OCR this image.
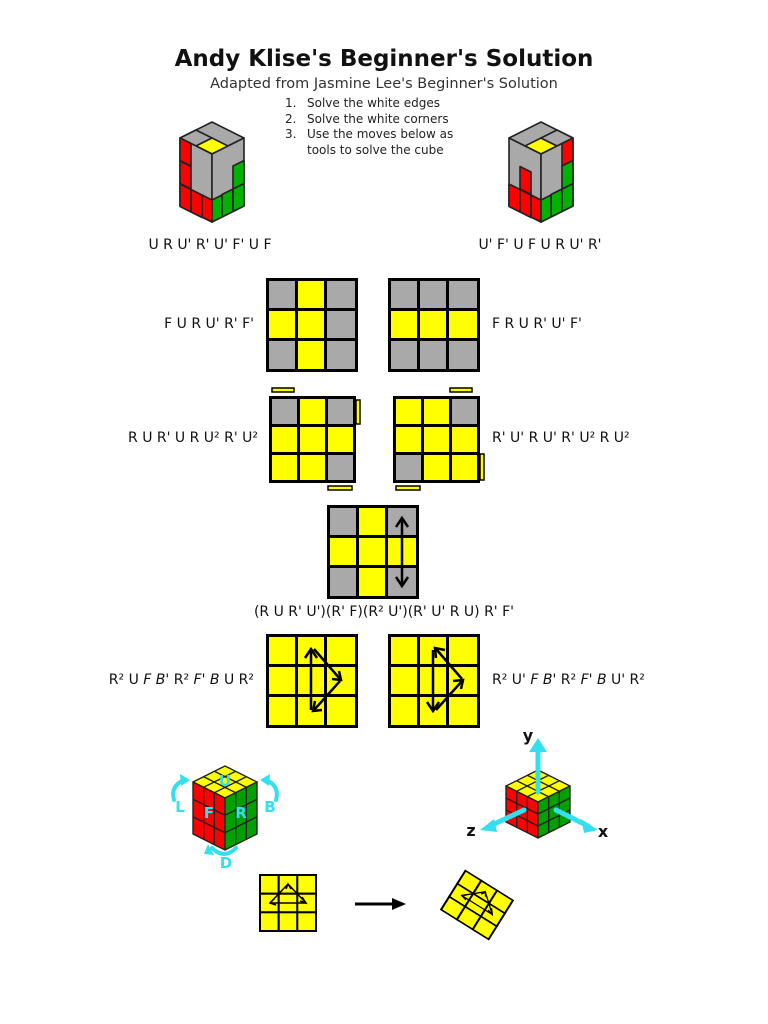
Andy Klise's Beginner's Solution
Adapted from Jasmine Lee's Beginner's Solution
1. Solve the white edges
2. Solve the white corners
3. Use the moves below as tools to solve the cube
U R U' R' U' F' U F	U' F' U F U R U' R'
F U R U' R' F'	F R U R' U' F'
R U R' U R U² R' U²	R' U' R U' R' U² R U²
(R U R' U')(R' F)(R² U')(R' U' R U) R' F'
R² U F B' R² F' B U R²	R² U' F B' R² F' B U' R²
U
F R
L	B
D
y
z	x
